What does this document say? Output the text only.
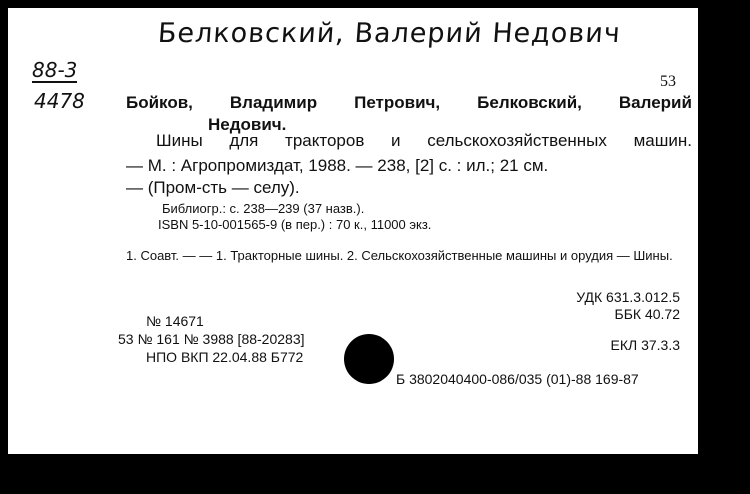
Белковский, Валерий Недович
88-3
4478
53
Бойков, Владимир Петрович, Белковский, Валерий
Недович.
Шины для тракторов и сельскохозяйственных машин.
— М. : Агропромиздат, 1988. — 238, [2] с. : ил.; 21 см.
— (Пром-сть — селу).
Библиогр.: с. 238—239 (37 назв.).
ISBN 5-10-001565-9 (в пер.) : 70 к., 11000 экз.
1. Соавт. — — 1. Тракторные шины. 2. Сельскохозяйственные машины и орудия — Шины.
УДК 631.3.012.5
ББК 40.72
№ 14671
53 № 161 № 3988 [88-20283]	ЕКЛ 37.3.3
НПО ВКП 22.04.88 Б772
Б 3802040400-086/035 (01)-88 169-87
